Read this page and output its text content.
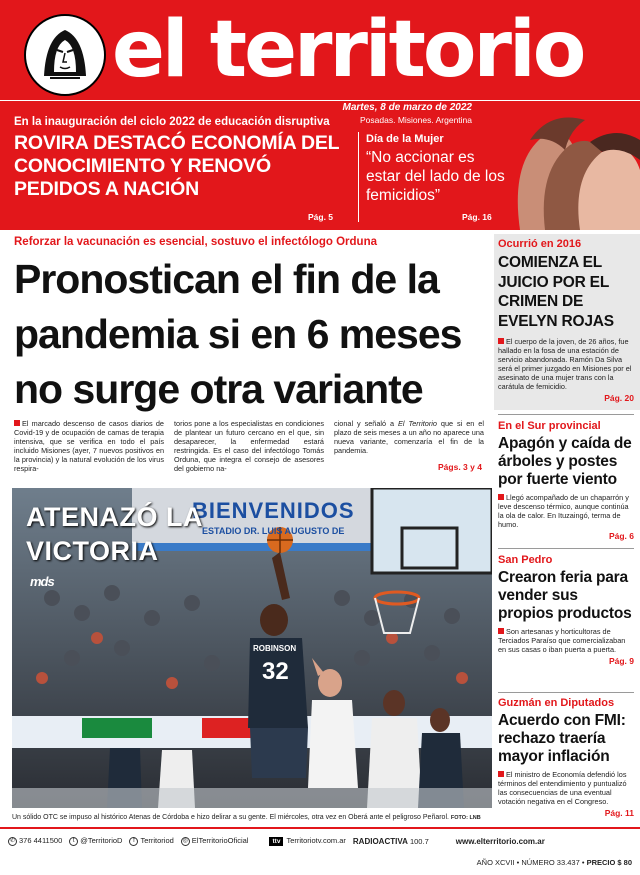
el territorio
Martes, 8 de marzo de 2022
Posadas. Misiones. Argentina
En la inauguración del ciclo 2022 de educación disruptiva
ROVIRA DESTACÓ ECONOMÍA DEL CONOCIMIENTO Y RENOVÓ PEDIDOS A NACIÓN
Pág. 5
Día de la Mujer
“No accionar es estar del lado de los femicidios”
Pág. 16
Reforzar la vacunación es esencial, sostuvo el infectólogo Orduna
Pronostican el fin de la pandemia si en 6 meses no surge otra variante
El marcado descenso de casos diarios de Covid-19 y de ocupación de camas de terapia intensiva, que se verifica en todo el país incluido Misiones (ayer, 7 nuevos positivos en la provincia) y la natural evolución de los virus respira-
torios pone a los especialistas en condiciones de plantear un futuro cercano en el que, sin desaparecer, la enfermedad estará restringida. Es el caso del infectólogo Tomás Orduna, que integra el consejo de asesores del gobierno na-
cional y señaló a El Territorio que si en el plazo de seis meses a un año no aparece una nueva variante, comenzaría el fin de la pandemia.
Págs. 3 y 4
BIENVENIDOS
ESTADIO DR. LUIS AUGUSTO DE
ROBINSON
32
ATENAZÓ LA
VICTORIA
mds
Un sólido OTC se impuso al histórico Atenas de Córdoba e hizo delirar a su gente. El miércoles, otra vez en Oberá ante el peligroso Peñarol. FOTO: LNB
Ocurrió en 2016
COMIENZA EL JUICIO POR EL CRIMEN DE EVELYN ROJAS
El cuerpo de la joven, de 26 años, fue hallado en la fosa de una estación de servicio abandonada. Ramón Da Silva será el primer juzgado en Misiones por el asesinato de una mujer trans con la carátula de femicidio.
Pág. 20
En el Sur provincial
Apagón y caída de árboles y postes por fuerte viento
Llegó acompañado de un chaparrón y leve descenso térmico, aunque continúa la ola de calor. En Ituzaingó, terma de humo.
Pág. 6
San Pedro
Crearon feria para vender sus propios productos
Son artesanas y horticultoras de Terciados Paraíso que comercializaban en sus casas o iban puerta a puerta.
Pág. 9
Guzmán en Diputados
Acuerdo con FMI: rechazo traería mayor inflación
El ministro de Economía defendió los términos del entendimiento y puntualizó las consecuencias de una eventual votación negativa en el Congreso.
Pág. 11
✆ 376 4411500	t @TerritorioD	f Territoriod	◎ ElTerritorioOficial	ttv Territoriotv.com.ar RADIOACTIVA 100.7	www.elterritorio.com.ar
AÑO XCVII • NÚMERO 33.437 • PRECIO $ 80
